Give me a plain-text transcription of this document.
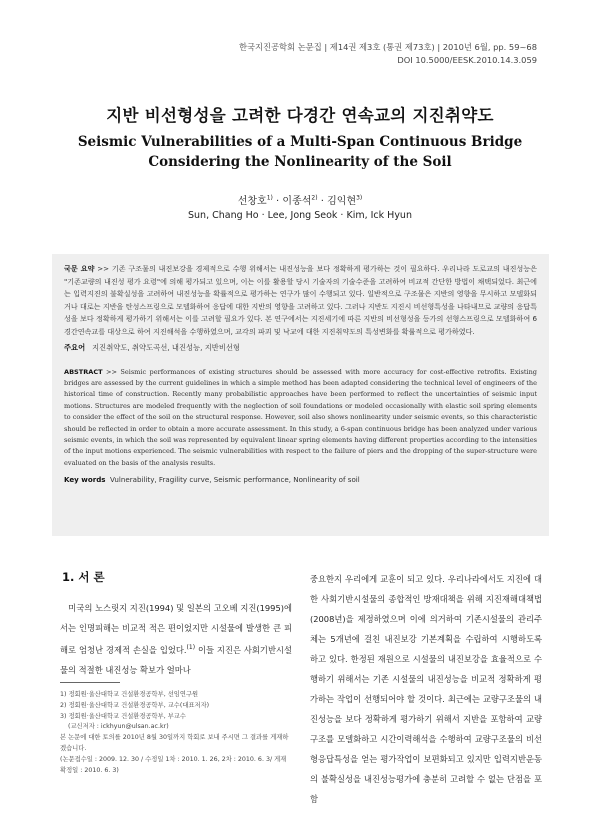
한국지진공학회 논문집 | 제14권 제3호 (통권 제73호) | 2010년 6월, pp. 59~68
DOI 10.5000/EESK.2010.14.3.059
지반 비선형성을 고려한 다경간 연속교의 지진취약도
Seismic Vulnerabilities of a Multi-Span Continuous Bridge Considering the Nonlinearity of the Soil
선창호$^{1)}$ · 이종석$^{2)}$ · 김익현$^{3)}$
Sun, Chang Ho · Lee, Jong Seok · Kim, Ick Hyun
국문 요약 >> 기존 구조물의 내진보강을 경제적으로 수행 위해서는 내진성능을 보다 정확하게 평가하는 것이 필요하다. 우리나라 도로교의 내진성능은 "기존교량의 내진성 평가 요령"에 의해 평가되고 있으며, 이는 이를 활용할 당시 기술자의 기술수준을 고려하여 비교적 간단한 방법이 채택되었다. 최근에는 입력지진의 불확실성을 고려하여 내진성능을 확률적으로 평가하는 연구가 많이 수행되고 있다. 일반적으로 구조물은 지반의 영향을 무시하고 모델화되거나 대로는 지반을 탄성스프링으로 모델화하여 응답에 대한 지반의 영향을 고려하고 있다. 그러나 지반도 지진시 비선형특성을 나타내므로 교량의 응답특성을 보다 정확하게 평가하기 위해서는 이를 고려할 필요가 있다. 본 연구에서는 지진세기에 따른 지반의 비선형성을 등가의 선형스프링으로 모델화하여 6경간연속교를 대상으로 하여 지진해석을 수행하였으며, 교각의 파괴 및 낙교에 대한 지진취약도의 특성변화를 확률적으로 평가하였다.
주요어 지진취약도, 취약도곡선, 내진성능, 지반비선형
ABSTRACT >> Seismic performances of existing structures should be assessed with more accuracy for cost-effective retrofits. Existing bridges are assessed by the current guidelines in which a simple method has been adapted considering the technical level of engineers of the historical time of construction. Recently many probabilistic approaches have been performed to reflect the uncertainties of seismic input motions. Structures are modeled frequently with the neglection of soil foundations or modeled occasionally with elastic soil spring elements to consider the effect of the soil on the structural response. However, soil also shows nonlinearity under seismic events, so this characteristic should be reflected in order to obtain a more accurate assessment. In this study, a 6-span continuous bridge has been analyzed under various seismic events, in which the soil was represented by equivalent linear spring elements having different properties according to the intensities of the input motions experienced. The seismic vulnerabilities with respect to the failure of piers and the dropping of the super-structure were evaluated on the basis of the analysis results.
Key words Vulnerability, Fragility curve, Seismic performance, Nonlinearity of soil
1. 서 론

미국의 노스릿지 지진(1994) 및 일본의 고오베 지진(1995)에서는 인명피해는 비교적 적은 편이었지만 시설물에 발생한 큰 피해로 엄청난 경제적 손실을 입었다.$^{(1)}$ 이들 지진은 사회기반시설물의 적절한 내진성능 확보가 얼마나

1) 정회원·울산대학교 건설환경공학부, 선임연구원
2) 정회원·울산대학교 건설환경공학부, 교수(대표저자)
3) 정회원·울산대학교 건설환경공학부, 부교수
(교신저자 : ickhyun@ulsan.ac.kr)
본 논문에 대한 토의를 2010년 8월 30일까지 학회로 보내 주시면 그 결과를 게재하겠습니다.
(논문접수일 : 2009. 12. 30 / 수정일 1차 : 2010. 1. 26, 2차 : 2010. 6. 3/ 게재확정일 : 2010. 6. 3)

중요한지 우리에게 교훈이 되고 있다. 우리나라에서도 지진에 대한 사회기반시설물의 종합적인 방재대책을 위해 지진재해대책법(2008년)을 제정하였으며 이에 의거하여 기존시설물의 관리주체는 5개년에 걸친 내진보강 기본계획을 수립하여 시행하도록 하고 있다. 한정된 재원으로 시설물의 내진보강을 효율적으로 수행하기 위해서는 기존 시설물의 내진성능을 비교적 정확하게 평가하는 작업이 선행되어야 할 것이다. 최근에는 교량구조물의 내진성능을 보다 정확하게 평가하기 위해서 지반을 포함하여 교량구조를 모델화하고 시간이력해석을 수행하여 교량구조물의 비선형응답특성을 얻는 평가작업이 보편화되고 있지만 입력지반운동의 불확실성을 내진성능평가에 충분히 고려할 수 없는 단점을 포함
